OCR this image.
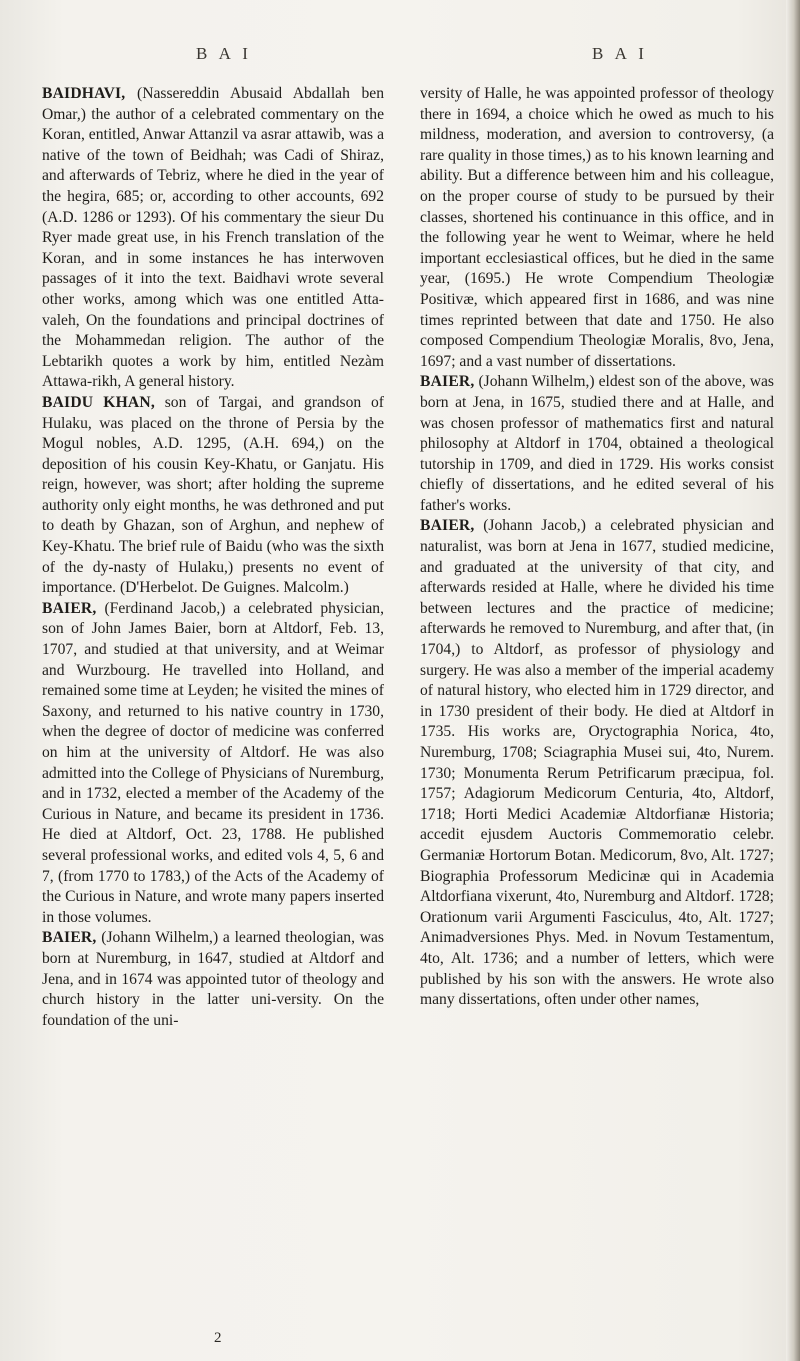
B A I	B A I

BAIDHAVI, (Nassereddin Abusaid Abdallah ben Omar,) the author of a celebrated commentary on the Koran, entitled, Anwar Attanzil va asrar attawib, was a native of the town of Beidhah; was Cadi of Shiraz, and afterwards of Tebriz, where he died in the year of the hegira, 685; or, according to other accounts, 692 (A.D. 1286 or 1293). Of his commentary the sieur Du Ryer made great use, in his French translation of the Koran, and in some instances he has interwoven passages of it into the text. Baidhavi wrote several other works, among which was one entitled Atta-valeh, On the foundations and principal doctrines of the Mohammedan religion. The author of the Lebtarikh quotes a work by him, entitled Nezàm Attawa-rikh, A general history.

BAIDU KHAN, son of Targai, and grandson of Hulaku, was placed on the throne of Persia by the Mogul nobles, A.D. 1295, (A.H. 694,) on the deposition of his cousin Key-Khatu, or Ganjatu. His reign, however, was short; after holding the supreme authority only eight months, he was dethroned and put to death by Ghazan, son of Arghun, and nephew of Key-Khatu. The brief rule of Baidu (who was the sixth of the dy-nasty of Hulaku,) presents no event of importance. (D'Herbelot. De Guignes. Malcolm.)

BAIER, (Ferdinand Jacob,) a celebrated physician, son of John James Baier, born at Altdorf, Feb. 13, 1707, and studied at that university, and at Weimar and Wurzbourg. He travelled into Holland, and remained some time at Leyden; he visited the mines of Saxony, and returned to his native country in 1730, when the degree of doctor of medicine was conferred on him at the university of Altdorf. He was also admitted into the College of Physicians of Nuremburg, and in 1732, elected a member of the Academy of the Curious in Nature, and became its president in 1736. He died at Altdorf, Oct. 23, 1788. He published several professional works, and edited vols 4, 5, 6 and 7, (from 1770 to 1783,) of the Acts of the Academy of the Curious in Nature, and wrote many papers inserted in those volumes.

BAIER, (Johann Wilhelm,) a learned theologian, was born at Nuremburg, in 1647, studied at Altdorf and Jena, and in 1674 was appointed tutor of theology and church history in the latter uni-versity. On the foundation of the uni-

versity of Halle, he was appointed professor of theology there in 1694, a choice which he owed as much to his mildness, moderation, and aversion to controversy, (a rare quality in those times,) as to his known learning and ability. But a difference between him and his colleague, on the proper course of study to be pursued by their classes, shortened his continuance in this office, and in the following year he went to Weimar, where he held important ecclesiastical offices, but he died in the same year, (1695.) He wrote Compendium Theologiæ Positivæ, which appeared first in 1686, and was nine times reprinted between that date and 1750. He also composed Compendium Theologiæ Moralis, 8vo, Jena, 1697; and a vast number of dissertations.

BAIER, (Johann Wilhelm,) eldest son of the above, was born at Jena, in 1675, studied there and at Halle, and was chosen professor of mathematics first and natural philosophy at Altdorf in 1704, obtained a theological tutorship in 1709, and died in 1729. His works consist chiefly of dissertations, and he edited several of his father's works.

BAIER, (Johann Jacob,) a celebrated physician and naturalist, was born at Jena in 1677, studied medicine, and graduated at the university of that city, and afterwards resided at Halle, where he divided his time between lectures and the practice of medicine; afterwards he removed to Nuremburg, and after that, (in 1704,) to Altdorf, as professor of physiology and surgery. He was also a member of the imperial academy of natural history, who elected him in 1729 director, and in 1730 president of their body. He died at Altdorf in 1735. His works are, Oryctographia Norica, 4to, Nuremburg, 1708; Sciagraphia Musei sui, 4to, Nurem. 1730; Monumenta Rerum Petrificarum præcipua, fol. 1757; Adagiorum Medicorum Centuria, 4to, Altdorf, 1718; Horti Medici Academiæ Altdorfianæ Historia; accedit ejusdem Auctoris Commemoratio celebr. Germaniæ Hortorum Botan. Medicorum, 8vo, Alt. 1727; Biographia Professorum Medicinæ qui in Academia Altdorfiana vixerunt, 4to, Nuremburg and Altdorf. 1728; Orationum varii Argumenti Fasciculus, 4to, Alt. 1727; Animadversiones Phys. Med. in Novum Testamentum, 4to, Alt. 1736; and a number of letters, which were published by his son with the answers. He wrote also many dissertations, often under other names,

2
